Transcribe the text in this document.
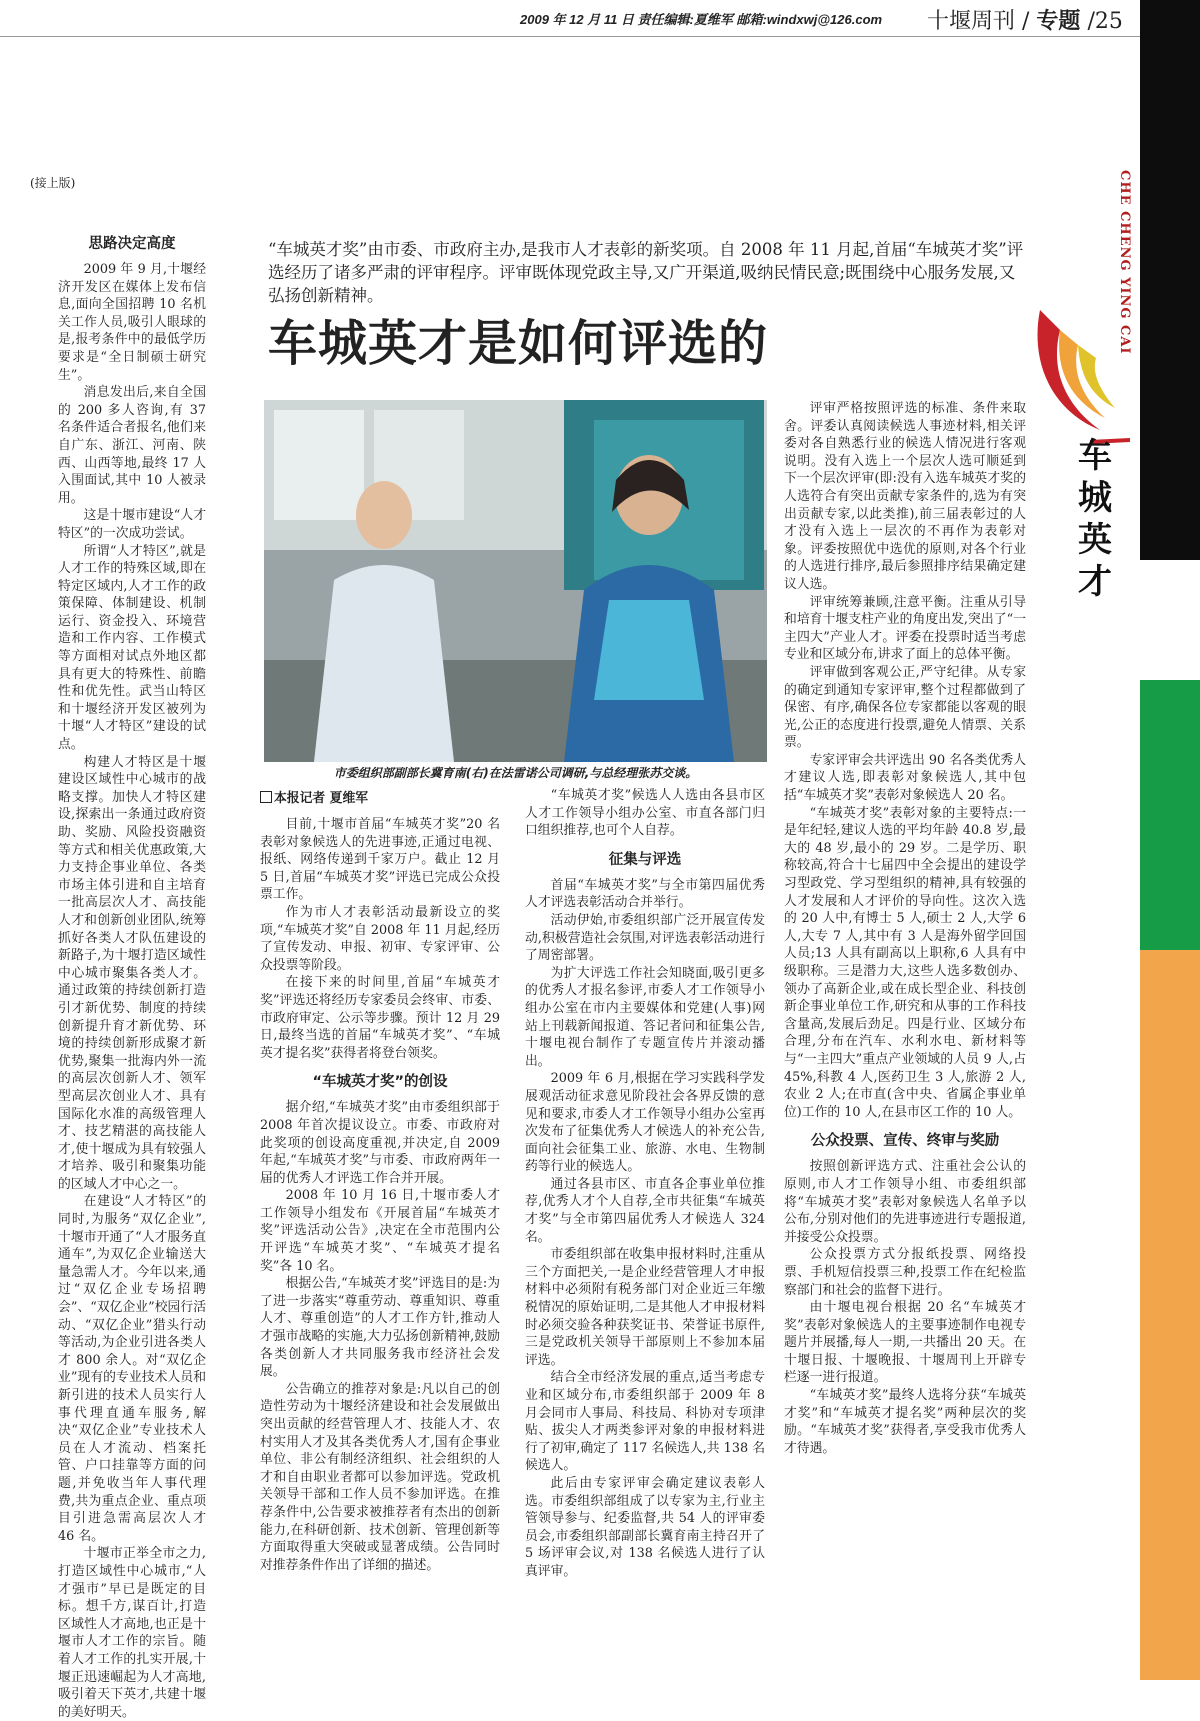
2009 年 12 月 11 日 责任编辑:夏维军 邮箱:windxwj@126.com	十堰周刊 / 专题 /25
CHE CHENG YING CAI
车城英才
“车城英才奖”由市委、市政府主办,是我市人才表彰的新奖项。自 2008 年 11 月起,首届“车城英才奖”评选经历了诸多严肃的评审程序。评审既体现党政主导,又广开渠道,吸纳民情民意;既围绕中心服务发展,又弘扬创新精神。
车城英才是如何评选的
市委组织部副部长冀育南(右)在法雷诺公司调研,与总经理张苏交谈。
(接上版)
思路决定高度

2009 年 9 月,十堰经济开发区在媒体上发布信息,面向全国招聘 10 名机关工作人员,吸引人眼球的是,报考条件中的最低学历要求是“全日制硕士研究生”。

消息发出后,来自全国的 200 多人咨询,有 37 名条件适合者报名,他们来自广东、浙江、河南、陕西、山西等地,最终 17 人入围面试,其中 10 人被录用。

这是十堰市建设“人才特区”的一次成功尝试。

所谓“人才特区”,就是人才工作的特殊区域,即在特定区域内,人才工作的政策保障、体制建设、机制运行、资金投入、环境营造和工作内容、工作模式等方面相对试点外地区都具有更大的特殊性、前瞻性和优先性。武当山特区和十堰经济开发区被列为十堰“人才特区”建设的试点。

构建人才特区是十堰建设区域性中心城市的战略支撑。加快人才特区建设,探索出一条通过政府资助、奖励、风险投资融资等方式和相关优惠政策,大力支持企事业单位、各类市场主体引进和自主培育一批高层次人才、高技能人才和创新创业团队,统筹抓好各类人才队伍建设的新路子,为十堰打造区域性中心城市聚集各类人才。通过政策的持续创新打造引才新优势、制度的持续创新提升育才新优势、环境的持续创新形成聚才新优势,聚集一批海内外一流的高层次创新人才、领军型高层次创业人才、具有国际化水准的高级管理人才、技艺精湛的高技能人才,使十堰成为具有较强人才培养、吸引和聚集功能的区域人才中心之一。

在建设“人才特区”的同时,为服务“双亿企业”,十堰市开通了“人才服务直通车”,为双亿企业输送大量急需人才。今年以来,通过“双亿企业专场招聘会”、“双亿企业”校园行活动、“双亿企业”猎头行动等活动,为企业引进各类人才 800 余人。对“双亿企业”现有的专业技术人员和新引进的技术人员实行人事代理直通车服务,解决“双亿企业”专业技术人员在人才流动、档案托管、户口挂靠等方面的问题,并免收当年人事代理费,共为重点企业、重点项目引进急需高层次人才 46 名。

十堰市正举全市之力,打造区域性中心城市,“人才强市”早已是既定的目标。想千方,谋百计,打造区域性人才高地,也正是十堰市人才工作的宗旨。随着人才工作的扎实开展,十堰正迅速崛起为人才高地,吸引着天下英才,共建十堰的美好明天。

本报记者 夏维军

目前,十堰市首届“车城英才奖”20 名表彰对象候选人的先进事迹,正通过电视、报纸、网络传递到千家万户。截止 12 月 5 日,首届“车城英才奖”评选已完成公众投票工作。

作为市人才表彰活动最新设立的奖项,“车城英才奖”自 2008 年 11 月起,经历了宣传发动、申报、初审、专家评审、公众投票等阶段。

在接下来的时间里,首届“车城英才奖”评选还将经历专家委员会终审、市委、市政府审定、公示等步骤。预计 12 月 29 日,最终当选的首届“车城英才奖”、“车城英才提名奖”获得者将登台领奖。

“车城英才奖”的创设

据介绍,“车城英才奖”由市委组织部于 2008 年首次提议设立。市委、市政府对此奖项的创设高度重视,并决定,自 2009 年起,“车城英才奖”与市委、市政府两年一届的优秀人才评选工作合并开展。

2008 年 10 月 16 日,十堰市委人才工作领导小组发布《开展首届“车城英才奖”评选活动公告》,决定在全市范围内公开评选“车城英才奖”、“车城英才提名奖”各 10 名。

根据公告,“车城英才奖”评选目的是:为了进一步落实“尊重劳动、尊重知识、尊重人才、尊重创造”的人才工作方针,推动人才强市战略的实施,大力弘扬创新精神,鼓励各类创新人才共同服务我市经济社会发展。

公告确立的推荐对象是:凡以自己的创造性劳动为十堰经济建设和社会发展做出突出贡献的经营管理人才、技能人才、农村实用人才及其各类优秀人才,国有企事业单位、非公有制经济组织、社会组织的人才和自由职业者都可以参加评选。党政机关领导干部和工作人员不参加评选。在推荐条件中,公告要求被推荐者有杰出的创新能力,在科研创新、技术创新、管理创新等方面取得重大突破或显著成绩。公告同时对推荐条件作出了详细的描述。

“车城英才奖”候选人人选由各县市区人才工作领导小组办公室、市直各部门归口组织推荐,也可个人自荐。

征集与评选

首届“车城英才奖”与全市第四届优秀人才评选表彰活动合并举行。

活动伊始,市委组织部广泛开展宣传发动,积极营造社会氛围,对评选表彰活动进行了周密部署。

为扩大评选工作社会知晓面,吸引更多的优秀人才报名参评,市委人才工作领导小组办公室在市内主要媒体和党建(人事)网站上刊载新闻报道、答记者问和征集公告,十堰电视台制作了专题宣传片并滚动播出。

2009 年 6 月,根据在学习实践科学发展观活动征求意见阶段社会各界反馈的意见和要求,市委人才工作领导小组办公室再次发布了征集优秀人才候选人的补充公告,面向社会征集工业、旅游、水电、生物制药等行业的候选人。

通过各县市区、市直各企事业单位推荐,优秀人才个人自荐,全市共征集“车城英才奖”与全市第四届优秀人才候选人 324 名。

市委组织部在收集申报材料时,注重从三个方面把关,一是企业经营管理人才申报材料中必须附有税务部门对企业近三年缴税情况的原始证明,二是其他人才申报材料时必须交验各种获奖证书、荣誉证书原件,三是党政机关领导干部原则上不参加本届评选。

结合全市经济发展的重点,适当考虑专业和区域分布,市委组织部于 2009 年 8 月会同市人事局、科技局、科协对专项津贴、拔尖人才两类参评对象的申报材料进行了初审,确定了 117 名候选人,共 138 名候选人。

此后由专家评审会确定建议表彰人选。市委组织部组成了以专家为主,行业主管领导参与、纪委监督,共 54 人的评审委员会,市委组织部副部长冀育南主持召开了 5 场评审会议,对 138 名候选人进行了认真评审。

评审严格按照评选的标准、条件来取舍。评委认真阅读候选人事迹材料,相关评委对各自熟悉行业的候选人情况进行客观说明。没有入选上一个层次人选可顺延到下一个层次评审(即:没有入选车城英才奖的人选符合有突出贡献专家条件的,选为有突出贡献专家,以此类推),前三届表彰过的人才没有入选上一层次的不再作为表彰对象。评委按照优中选优的原则,对各个行业的人选进行排序,最后参照排序结果确定建议人选。

评审统筹兼顾,注意平衡。注重从引导和培育十堰支柱产业的角度出发,突出了“一主四大”产业人才。评委在投票时适当考虑专业和区域分布,讲求了面上的总体平衡。

评审做到客观公正,严守纪律。从专家的确定到通知专家评审,整个过程都做到了保密、有序,确保各位专家都能以客观的眼光,公正的态度进行投票,避免人情票、关系票。

专家评审会共评选出 90 名各类优秀人才建议人选,即表彰对象候选人,其中包括“车城英才奖”表彰对象候选人 20 名。

“车城英才奖”表彰对象的主要特点:一是年纪轻,建议人选的平均年龄 40.8 岁,最大的 48 岁,最小的 29 岁。二是学历、职称较高,符合十七届四中全会提出的建设学习型政党、学习型组织的精神,具有较强的人才发展和人才评价的导向性。这次入选的 20 人中,有博士 5 人,硕士 2 人,大学 6 人,大专 7 人,其中有 3 人是海外留学回国人员;13 人具有副高以上职称,6 人具有中级职称。三是潜力大,这些人选多数创办、领办了高新企业,或在成长型企业、科技创新企事业单位工作,研究和从事的工作科技含量高,发展后劲足。四是行业、区域分布合理,分布在汽车、水利水电、新材料等与“一主四大”重点产业领域的人员 9 人,占 45%,科教 4 人,医药卫生 3 人,旅游 2 人,农业 2 人;在市直(含中央、省属企事业单位)工作的 10 人,在县市区工作的 10 人。

公众投票、宣传、终审与奖励

按照创新评选方式、注重社会公认的原则,市人才工作领导小组、市委组织部将“车城英才奖”表彰对象候选人名单予以公布,分别对他们的先进事迹进行专题报道,并接受公众投票。

公众投票方式分报纸投票、网络投票、手机短信投票三种,投票工作在纪检监察部门和社会的监督下进行。

由十堰电视台根据 20 名“车城英才奖”表彰对象候选人的主要事迹制作电视专题片并展播,每人一期,一共播出 20 天。在十堰日报、十堰晚报、十堰周刊上开辟专栏逐一进行报道。

“车城英才奖”最终人选将分获“车城英才奖”和“车城英才提名奖”两种层次的奖励。“车城英才奖”获得者,享受我市优秀人才待遇。
